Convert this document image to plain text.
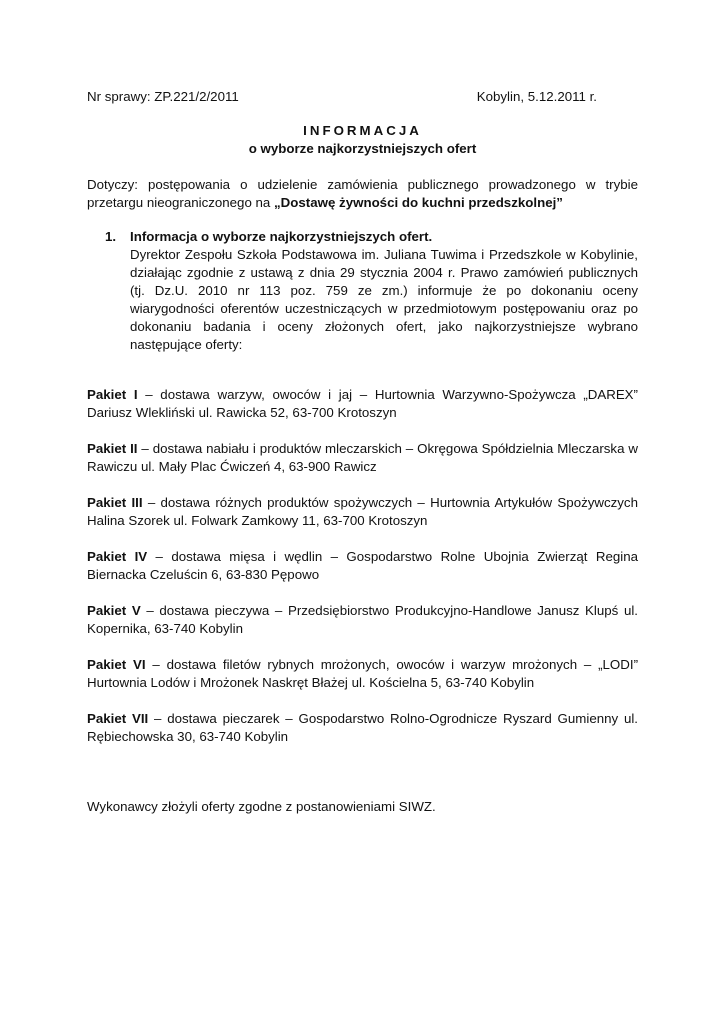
Nr sprawy: ZP.221/2/2011	Kobylin, 5.12.2011 r.
INFORMACJA
o wyborze najkorzystniejszych ofert
Dotyczy: postępowania o udzielenie zamówienia publicznego prowadzonego w trybie przetargu nieograniczonego na „Dostawę żywności do kuchni przedszkolnej”
1.	Informacja o wyborze najkorzystniejszych ofert.
Dyrektor Zespołu Szkoła Podstawowa im. Juliana Tuwima i Przedszkole w Kobylinie, działając zgodnie z ustawą z dnia 29 stycznia 2004 r. Prawo zamówień publicznych (tj. Dz.U. 2010 nr 113 poz. 759 ze zm.) informuje że po dokonaniu oceny wiarygodności oferentów uczestniczących w przedmiotowym postępowaniu oraz po dokonaniu badania i oceny złożonych ofert, jako najkorzystniejsze wybrano następujące oferty:
Pakiet I – dostawa warzyw, owoców i jaj – Hurtownia Warzywno-Spożywcza „DAREX” Dariusz Wlekliński ul. Rawicka 52, 63-700 Krotoszyn
Pakiet II – dostawa nabiału i produktów mleczarskich – Okręgowa Spółdzielnia Mleczarska w Rawiczu ul. Mały Plac Ćwiczeń 4, 63-900 Rawicz
Pakiet III – dostawa różnych produktów spożywczych – Hurtownia Artykułów Spożywczych Halina Szorek ul. Folwark Zamkowy 11, 63-700 Krotoszyn
Pakiet IV – dostawa mięsa i wędlin – Gospodarstwo Rolne Ubojnia Zwierząt Regina Biernacka Czeluścin 6, 63-830 Pępowo
Pakiet V – dostawa pieczywa – Przedsiębiorstwo Produkcyjno-Handlowe Janusz Klupś ul. Kopernika, 63-740 Kobylin
Pakiet VI – dostawa filetów rybnych mrożonych, owoców i warzyw mrożonych – „LODI” Hurtownia Lodów i Mrożonek Naskręt Błażej ul. Kościelna 5, 63-740 Kobylin
Pakiet VII – dostawa pieczarek – Gospodarstwo Rolno-Ogrodnicze Ryszard Gumienny ul. Rębiechowska 30, 63-740 Kobylin
Wykonawcy złożyli oferty zgodne z postanowieniami SIWZ.
